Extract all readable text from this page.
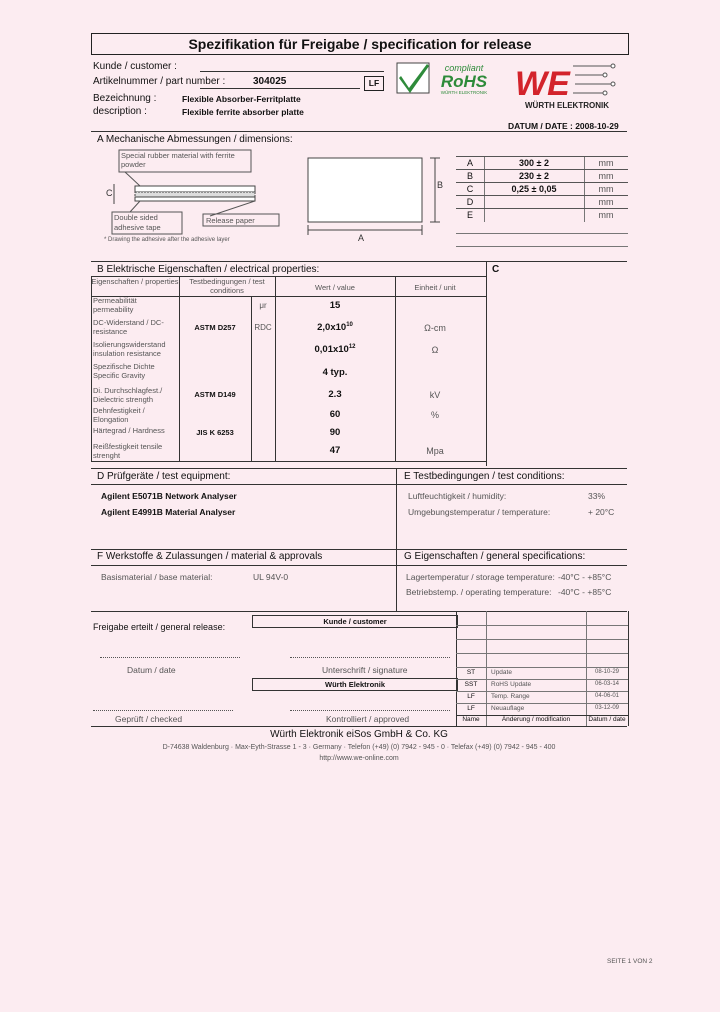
Spezifikation für Freigabe / specification for release
Kunde / customer :
Artikelnummer / part number :	304025	LF
Bezeichnung :	Flexible Absorber-Ferritplatte
description :	Flexible ferrite absorber platte
compliant
RoHS
WÜRTH ELEKTRONIK WE
WÜRTH ELEKTRONIK
DATUM / DATE : 2008-10-29
A Mechanische Abmessungen / dimensions:
C
B
A
Special rubber material with ferrite powder
Double sided adhesive tape
Release paper
* Drawing the adhesive after the adhesive layer
A	300 ± 2	mm
B	230 ± 2	mm
C	0,25 ± 0,05	mm
D	mm
E	mm
B Elektrische Eigenschaften / electrical properties:	C
Eigenschaften / properties	Testbedingungen / test conditions	Wert / value	Einheit / unit
Permeabilität permeability	μr	15
DC-Widerstand / DC-resistance	ASTM D257	RDC	$2,0x10^{10}$	Ω-cm
Isolierungswiderstand insulation resistance	$0,01x10^{12}$	Ω
Spezifische Dichte Specific Gravity	4 typ.
Di. Durchschlagfest./ Dielectric strength	ASTM D149	2.3	kV
Dehnfestigkeit / Elongation	60	%
Härtegrad / Hardness	JIS K 6253	90
Reißfestigkeit tensile strenght	47	Mpa
D Prüfgeräte / test equipment:	E Testbedingungen / test conditions:
Agilent E5071B Network Analyser
Agilent E4991B Material Analyser
Luftfeuchtigkeit / humidity:	33%
Umgebungstemperatur / temperature:	+ 20°C
F Werkstoffe & Zulassungen / material & approvals	G Eigenschaften / general specifications:
Basismaterial / base material:	UL 94V-0	Lagertemperatur / storage temperature: -40°C - +85°C
Betriebstemp. / operating temperature: -40°C - +85°C
Freigabe erteilt / general release:
Kunde / customer
Datum / date	Unterschrift / signature
Würth Elektronik
Geprüft / checked	Kontrolliert / approved
ST	Update	08-10-29
SST	RoHS Update	06-03-14
LF	Temp. Range	04-06-01
LF	Neuauflage	03-12-09
Name	Änderung / modification	Datum / date
Würth Elektronik eiSos GmbH & Co. KG
D-74638 Waldenburg · Max-Eyth-Strasse 1 - 3 · Germany · Telefon (+49) (0) 7942 - 945 - 0 · Telefax (+49) (0) 7942 - 945 - 400
http://www.we-online.com
SEITE 1 VON 2
